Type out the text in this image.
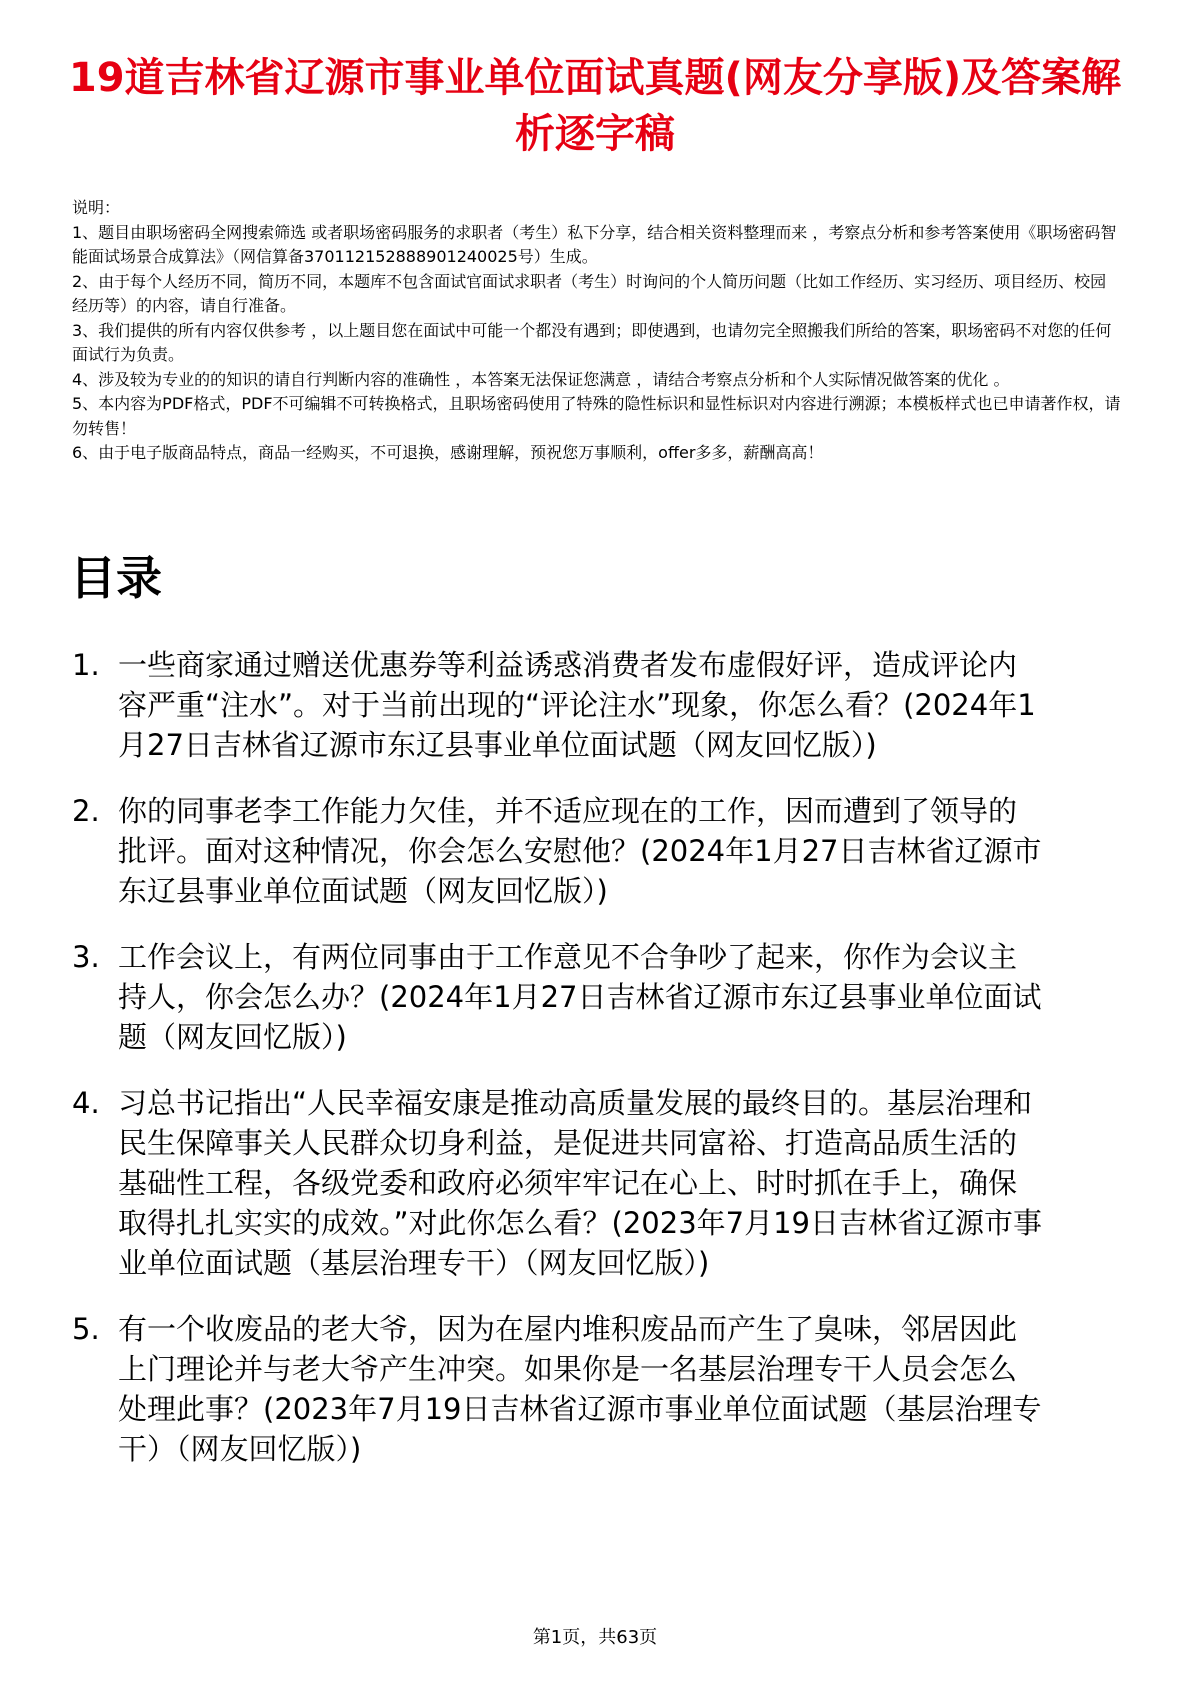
19道吉林省辽源市事业单位面试真题(网友分享版)及答案解析逐字稿

说明：

1、题目由职场密码全网搜索筛选 或者职场密码服务的求职者（考生）私下分享，结合相关资料整理而来 ，考察点分析和参考答案使用《职场密码智能面试场景合成算法》（网信算备370112152888901240025号）生成。

2、由于每个人经历不同，简历不同，本题库不包含面试官面试求职者（考生）时询问的个人简历问题（比如工作经历、实习经历、项目经历、校园经历等）的内容，请自行准备。

3、我们提供的所有内容仅供参考 ，以上题目您在面试中可能一个都没有遇到；即使遇到，也请勿完全照搬我们所给的答案，职场密码不对您的任何面试行为负责。

4、涉及较为专业的的知识的请自行判断内容的准确性 ，本答案无法保证您满意 ，请结合考察点分析和个人实际情况做答案的优化 。

5、本内容为PDF格式，PDF不可编辑不可转换格式，且职场密码使用了特殊的隐性标识和显性标识对内容进行溯源；本模板样式也已申请著作权，请勿转售！

6、由于电子版商品特点，商品一经购买，不可退换，感谢理解，预祝您万事顺利，offer多多，薪酬高高！

目录
1. 一些商家通过赠送优惠券等利益诱惑消费者发布虚假好评，造成评论内容严重“注水”。对于当前出现的“评论注水”现象，你怎么看？(2024年1月27日吉林省辽源市东辽县事业单位面试题（网友回忆版）)
2. 你的同事老李工作能力欠佳，并不适应现在的工作，因而遭到了领导的批评。面对这种情况，你会怎么安慰他？(2024年1月27日吉林省辽源市东辽县事业单位面试题（网友回忆版）)
3. 工作会议上，有两位同事由于工作意见不合争吵了起来，你作为会议主持人，你会怎么办？(2024年1月27日吉林省辽源市东辽县事业单位面试题（网友回忆版）)
4. 习总书记指出“人民幸福安康是推动高质量发展的最终目的。基层治理和民生保障事关人民群众切身利益，是促进共同富裕、打造高品质生活的基础性工程，各级党委和政府必须牢牢记在心上、时时抓在手上，确保取得扎扎实实的成效。”对此你怎么看？(2023年7月19日吉林省辽源市事业单位面试题（基层治理专干）（网友回忆版）)
5. 有一个收废品的老大爷，因为在屋内堆积废品而产生了臭味，邻居因此上门理论并与老大爷产生冲突。如果你是一名基层治理专干人员会怎么处理此事？(2023年7月19日吉林省辽源市事业单位面试题（基层治理专干）（网友回忆版）)
第1页，共63页
